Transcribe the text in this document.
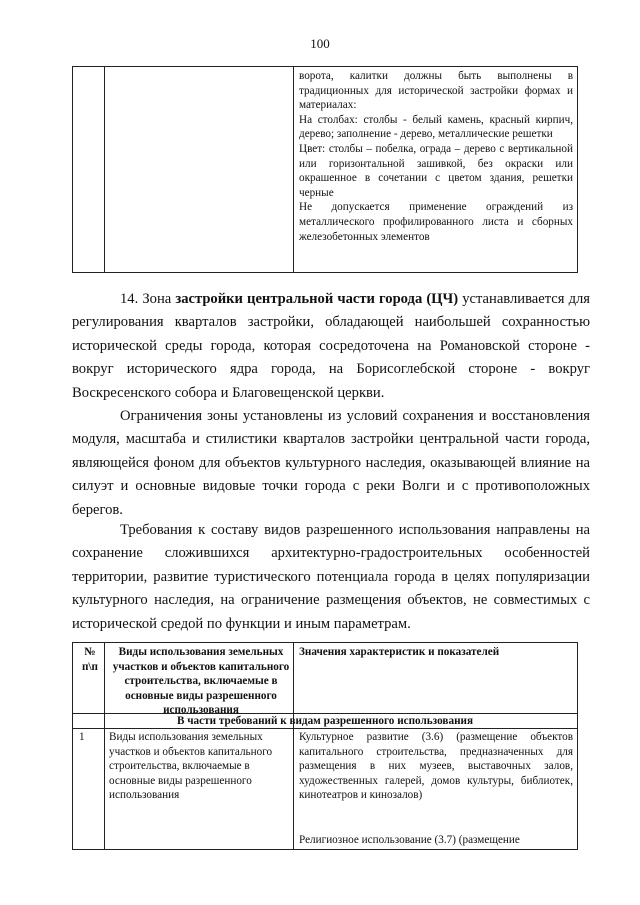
100

ворота, калитки должны быть выполнены в традиционных для исторической застройки формах и материалах:

На столбах: столбы - белый камень, красный кирпич, дерево; заполнение - дерево, металлические решетки

Цвет: столбы – побелка, ограда – дерево с вертикальной или горизонтальной зашивкой, без окраски или окрашенное в сочетании с цветом здания, решетки черные

Не допускается применение ограждений из металлического профилированного листа и сборных железобетонных элементов

14. Зона застройки центральной части города (ЦЧ) устанавливается для регулирования кварталов застройки, обладающей наибольшей сохранностью исторической среды города, которая сосредоточена на Романовской стороне - вокруг исторического ядра города, на Борисоглебской стороне - вокруг Воскресенского собора и Благовещенской церкви.

Ограничения зоны установлены из условий сохранения и восстановления модуля, масштаба и стилистики кварталов застройки центральной части города, являющейся фоном для объектов культурного наследия, оказывающей влияние на силуэт и основные видовые точки города с реки Волги и с противоположных берегов.

Требования к составу видов разрешенного использования направлены на сохранение сложившихся архитектурно-градостроительных особенностей территории, развитие туристического потенциала города в целях популяризации культурного наследия, на ограничение размещения объектов, не совместимых с исторической средой по функции и иным параметрам.

№ п\п
Виды использования земельных участков и объектов капитального строительства, включаемые в основные виды разрешенного использования
Значения характеристик и показателей
В части требований к видам разрешенного использования
1 Виды использования земельных участков и объектов капитального строительства, включаемые в основные виды разрешенного использования
Культурное развитие (3.6) (размещение объектов капитального строительства, предназначенных для размещения в них музеев, выставочных залов, художественных галерей, домов культуры, библиотек, кинотеатров и кинозалов)
Религиозное использование (3.7) (размещение
